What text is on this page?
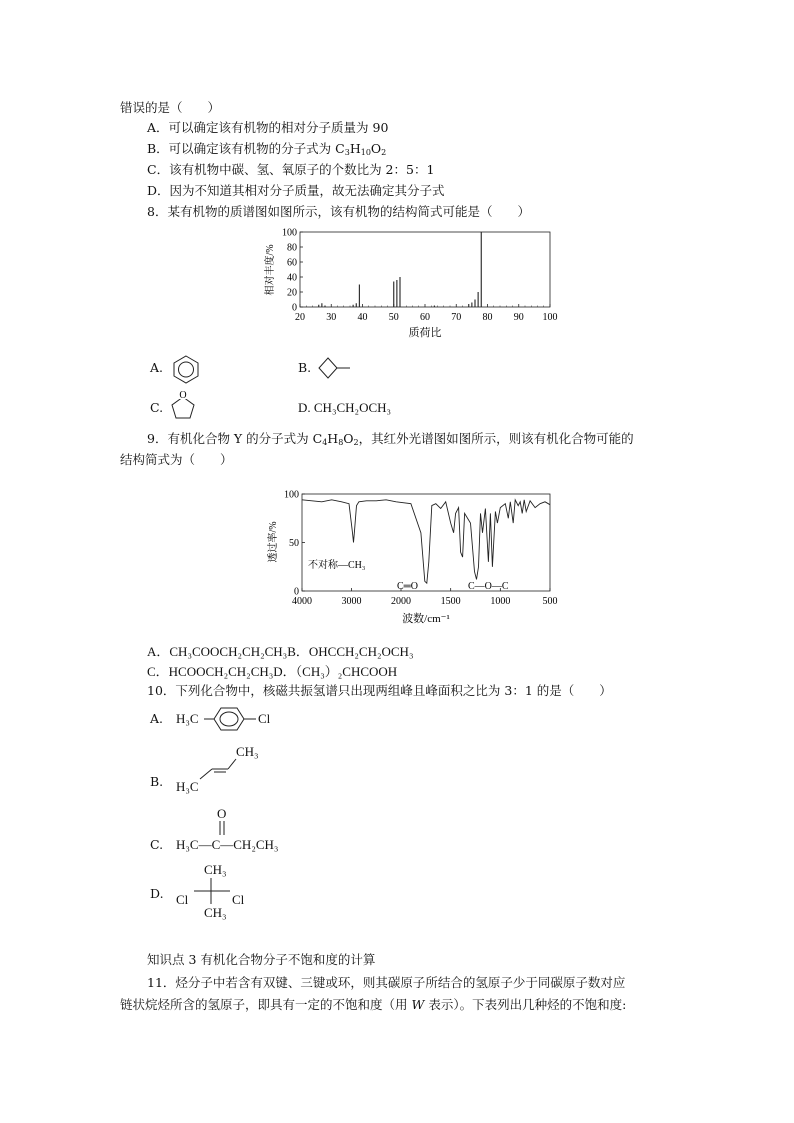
错误的是（　　）
A．可以确定该有机物的相对分子质量为 90
B．可以确定该有机物的分子式为 $C_3H_{10}O_2$
C．该有机物中碳、氢、氧原子的个数比为 2：5：1
D．因为不知道其相对分子质量，故无法确定其分子式
8．某有机物的质谱图如图所示，该有机物的结构简式可能是（　　）
0
20
40
60
80
100
20 30 40 50 60 70 80 90 100
相对丰度/%
质荷比
A.	B.
C.
O
D. CH₃CH₂OCH₃
9．有机化合物 Y 的分子式为 $C_4H_8O_2$，其红外光谱图如图所示，则该有机化合物可能的
结构简式为（　　）
0
50
100
4000	3000	2000	1500	1000	500
透过率/%
波数/cm⁻¹
不对称—CH₃
C═O	C—O—C
A．CH₃COOCH₂CH₂CH₃B．OHCCH₂CH₂OCH₃
C．HCOOCH₂CH₂CH₃D．（CH₃）₂CHCOOH
10．下列化合物中，核磁共振氢谱只出现两组峰且峰面积之比为 3：1 的是（　　）
A. H₃C	Cl
B.
CH₃
H₃C
C.
O
H₃C—C—CH₂CH₃
D.
CH₃
CH₃
Cl	Cl
知识点 3 有机化合物分子不饱和度的计算
11．烃分子中若含有双键、三键或环，则其碳原子所结合的氢原子少于同碳原子数对应
链状烷烃所含的氢原子，即具有一定的不饱和度（用 W 表示）。下表列出几种烃的不饱和度:
